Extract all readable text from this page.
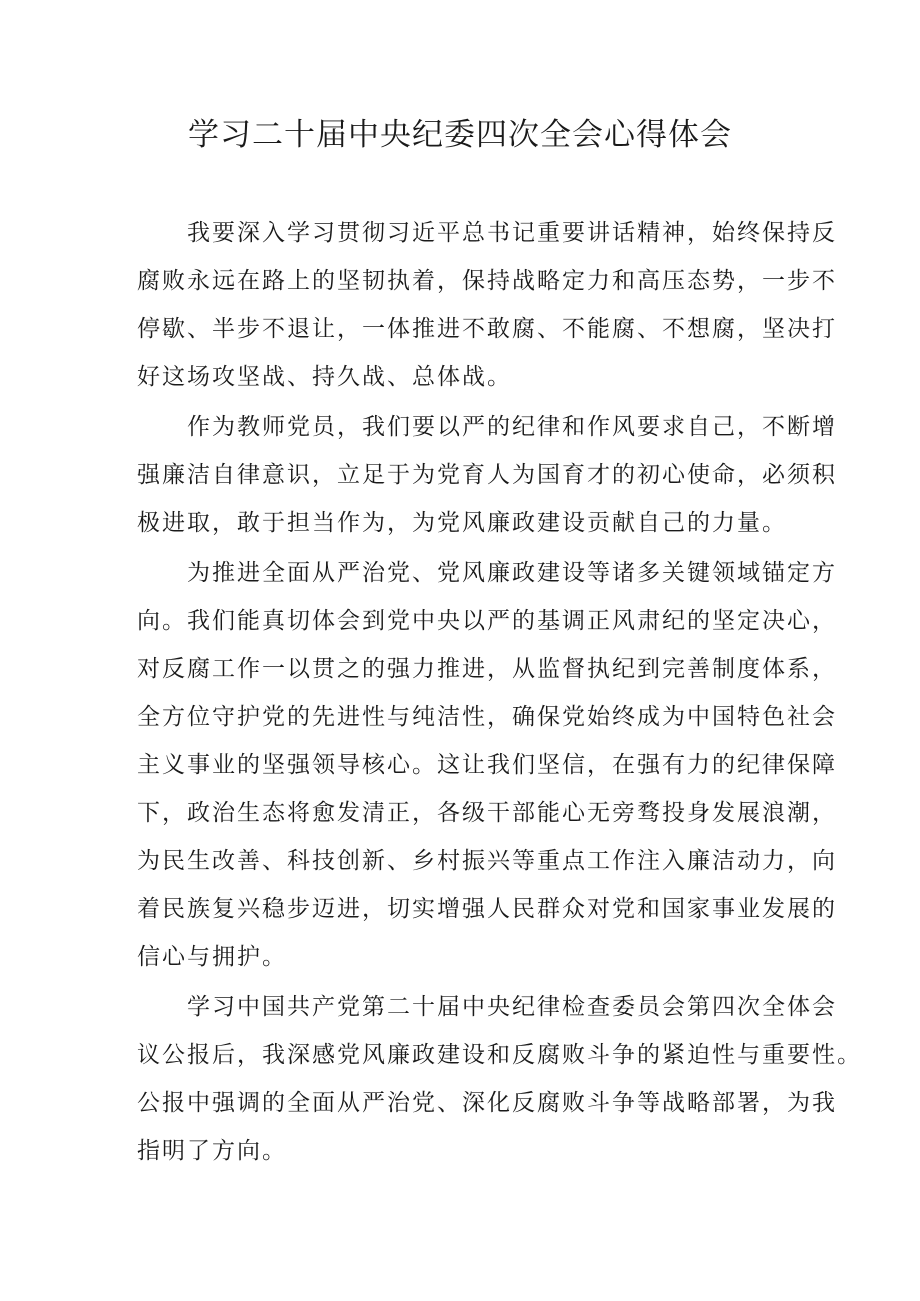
学习二十届中央纪委四次全会心得体会

我要深入学习贯彻习近平总书记重要讲话精神，始终保持反
腐败永远在路上的坚韧执着，保持战略定力和高压态势，一步不
停歇、半步不退让，一体推进不敢腐、不能腐、不想腐，坚决打
好这场攻坚战、持久战、总体战。

作为教师党员，我们要以严的纪律和作风要求自己，不断增
强廉洁自律意识，立足于为党育人为国育才的初心使命，必须积
极进取，敢于担当作为，为党风廉政建设贡献自己的力量。

为推进全面从严治党、党风廉政建设等诸多关键领域锚定方
向。我们能真切体会到党中央以严的基调正风肃纪的坚定决心，
对反腐工作一以贯之的强力推进，从监督执纪到完善制度体系，
全方位守护党的先进性与纯洁性，确保党始终成为中国特色社会
主义事业的坚强领导核心。这让我们坚信，在强有力的纪律保障
下，政治生态将愈发清正，各级干部能心无旁骛投身发展浪潮，
为民生改善、科技创新、乡村振兴等重点工作注入廉洁动力，向
着民族复兴稳步迈进，切实增强人民群众对党和国家事业发展的
信心与拥护。

学习中国共产党第二十届中央纪律检查委员会第四次全体会
议公报后，我深感党风廉政建设和反腐败斗争的紧迫性与重要性。
公报中强调的全面从严治党、深化反腐败斗争等战略部署，为我
指明了方向。
